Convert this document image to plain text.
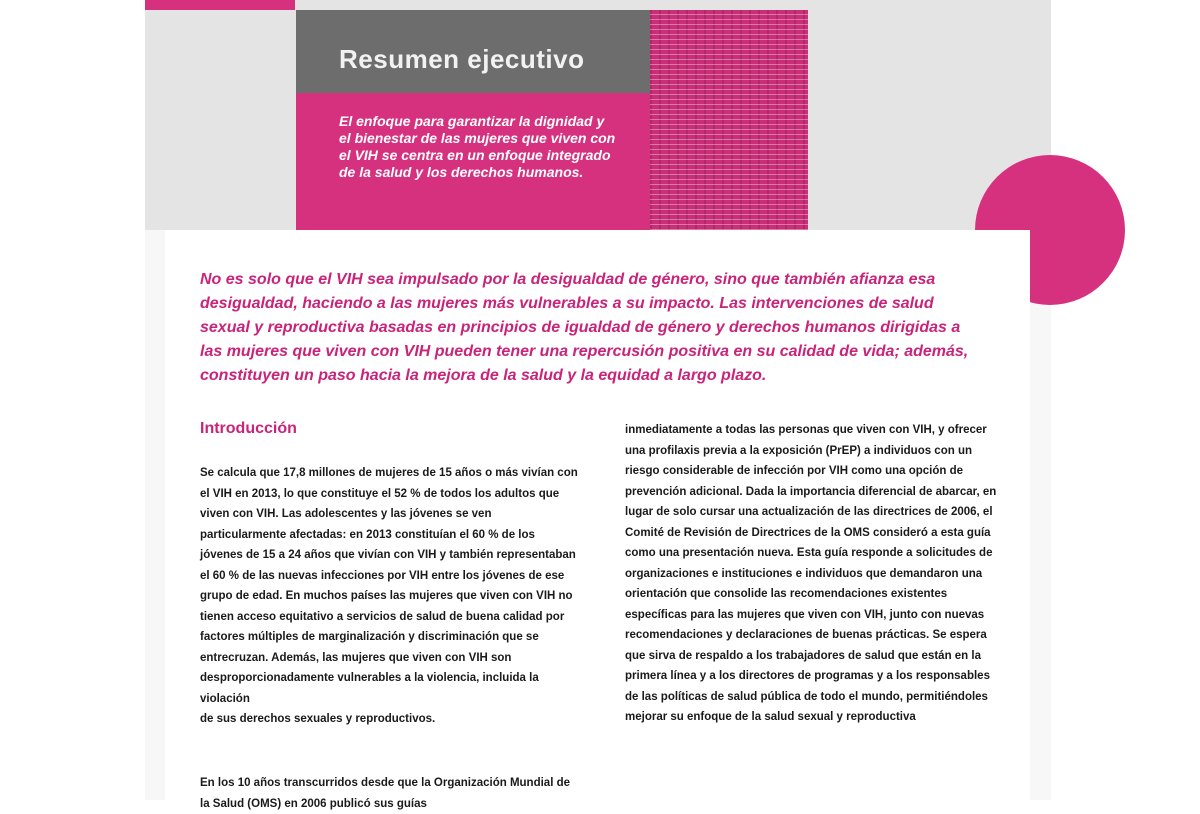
Resumen ejecutivo
El enfoque para garantizar la dignidad y el bienestar de las mujeres que viven con el VIH se centra en un enfoque integrado de la salud y los derechos humanos.
No es solo que el VIH sea impulsado por la desigualdad de género, sino que también afianza esa desigualdad, haciendo a las mujeres más vulnerables a su impacto. Las intervenciones de salud sexual y reproductiva basadas en principios de igualdad de género y derechos humanos dirigidas a las mujeres que viven con VIH pueden tener una repercusión positiva en su calidad de vida; además, constituyen un paso hacia la mejora de la salud y la equidad a largo plazo.
Introducción
Se calcula que 17,8 millones de mujeres de 15 años o más vivían con el VIH en 2013, lo que constituye el 52 % de todos los adultos que viven con VIH. Las adolescentes y las jóvenes se ven particularmente afectadas: en 2013 constituían el 60 % de los jóvenes de 15 a 24 años que vivían con VIH y también representaban el 60 % de las nuevas infecciones por VIH entre los jóvenes de ese grupo de edad. En muchos países las mujeres que viven con VIH no tienen acceso equitativo a servicios de salud de buena calidad por factores múltiples de marginalización y discriminación que se entrecruzan. Además, las mujeres que viven con VIH son desproporcionadamente vulnerables a la violencia, incluida la violación
de sus derechos sexuales y reproductivos.
En los 10 años transcurridos desde que la Organización Mundial de la Salud (OMS) en 2006 publicó sus guías
inmediatamente a todas las personas que viven con VIH, y ofrecer una profilaxis previa a la exposición (PrEP) a individuos con un riesgo considerable de infección por VIH como una opción de prevención adicional. Dada la importancia diferencial de abarcar, en lugar de solo cursar una actualización de las directrices de 2006, el Comité de Revisión de Directrices de la OMS consideró a esta guía como una presentación nueva. Esta guía responde a solicitudes de organizaciones e instituciones e individuos que demandaron una orientación que consolide las recomendaciones existentes específicas para las mujeres que viven con VIH, junto con nuevas recomendaciones y declaraciones de buenas prácticas. Se espera que sirva de respaldo a los trabajadores de salud que están en la primera línea y a los directores de programas y a los responsables de las políticas de salud pública de todo el mundo, permitiéndoles mejorar su enfoque de la salud sexual y reproductiva
